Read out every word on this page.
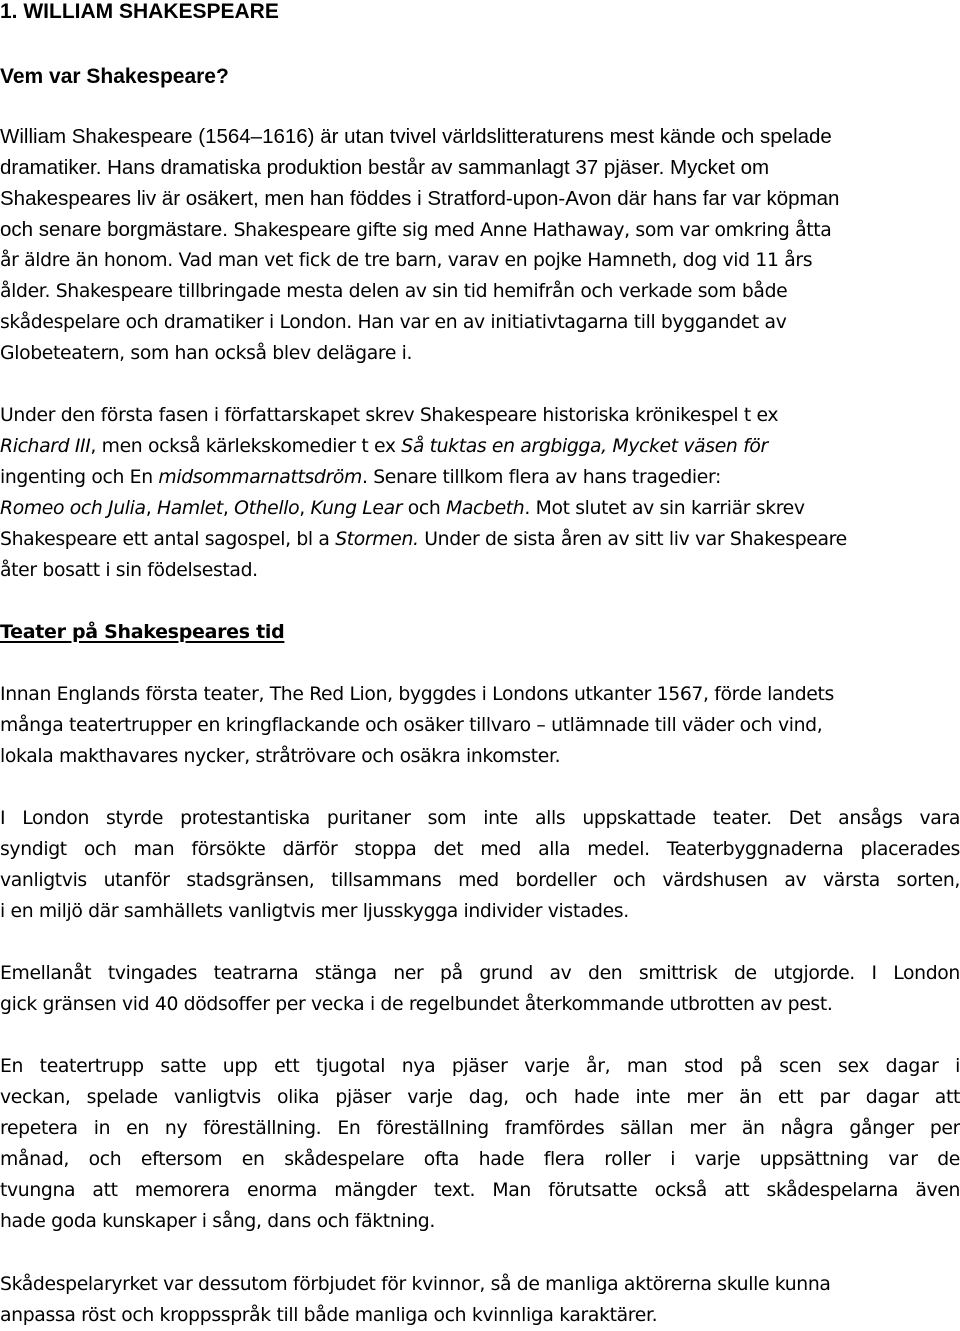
1. WILLIAM SHAKESPEARE
Vem var Shakespeare?
William Shakespeare (1564–1616) är utan tvivel världslitteraturens mest kände och spelade
dramatiker. Hans dramatiska produktion består av sammanlagt 37 pjäser. Mycket om
Shakespeares liv är osäkert, men han föddes i Stratford-upon-Avon där hans far var köpman
och senare borgmästare. Shakespeare gifte sig med Anne Hathaway, som var omkring åtta
år äldre än honom. Vad man vet fick de tre barn, varav en pojke Hamneth, dog vid 11 års
ålder. Shakespeare tillbringade mesta delen av sin tid hemifrån och verkade som både
skådespelare och dramatiker i London. Han var en av initiativtagarna till byggandet av
Globeteatern, som han också blev delägare i.
Under den första fasen i författarskapet skrev Shakespeare historiska krönikespel t ex
Richard III, men också kärlekskomedier t ex Så tuktas en argbigga, Mycket väsen för
ingenting och En midsommarnattsdröm. Senare tillkom flera av hans tragedier:
Romeo och Julia, Hamlet, Othello, Kung Lear och Macbeth. Mot slutet av sin karriär skrev
Shakespeare ett antal sagospel, bl a Stormen. Under de sista åren av sitt liv var Shakespeare
åter bosatt i sin födelsestad.
Teater på Shakespeares tid
Innan Englands första teater, The Red Lion, byggdes i Londons utkanter 1567, förde landets
många teatertrupper en kringflackande och osäker tillvaro – utlämnade till väder och vind,
lokala makthavares nycker, stråtrövare och osäkra inkomster.
I London styrde protestantiska puritaner som inte alls uppskattade teater. Det ansågs vara
syndigt och man försökte därför stoppa det med alla medel. Teaterbyggnaderna placerades
vanligtvis utanför stadsgränsen, tillsammans med bordeller och värdshusen av värsta sorten,
i en miljö där samhällets vanligtvis mer ljusskygga individer vistades.
Emellanåt tvingades teatrarna stänga ner på grund av den smittrisk de utgjorde. I London
gick gränsen vid 40 dödsoffer per vecka i de regelbundet återkommande utbrotten av pest.
En teatertrupp satte upp ett tjugotal nya pjäser varje år, man stod på scen sex dagar i
veckan, spelade vanligtvis olika pjäser varje dag, och hade inte mer än ett par dagar att
repetera in en ny föreställning. En föreställning framfördes sällan mer än några gånger per
månad, och eftersom en skådespelare ofta hade flera roller i varje uppsättning var de
tvungna att memorera enorma mängder text. Man förutsatte också att skådespelarna även
hade goda kunskaper i sång, dans och fäktning.
Skådespelaryrket var dessutom förbjudet för kvinnor, så de manliga aktörerna skulle kunna
anpassa röst och kroppsspråk till både manliga och kvinnliga karaktärer.
